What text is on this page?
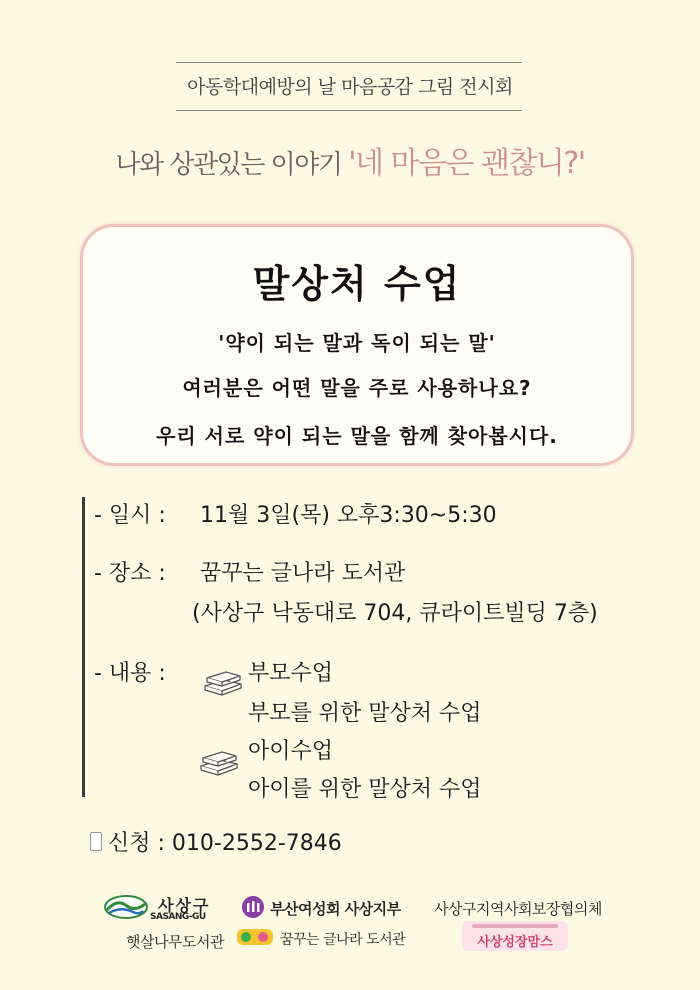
아동학대예방의 날 마음공감 그림 전시회
나와 상관있는 이야기 '네 마음은 괜찮니?'
말상처 수업
'약이 되는 말과 독이 되는 말'
여러분은 어떤 말을 주로 사용하나요?
우리 서로 약이 되는 말을 함께 찾아봅시다.
- 일시 : 11월 3일(목) 오후3:30~5:30
- 장소 : 꿈꾸는 글나라 도서관
(사상구 낙동대로 704, 큐라이트빌딩 7층)
- 내용 :	부모수업
부모를 위한 말상처 수업
아이수업
아이를 위한 말상처 수업
신청 : 010-2552-7846
사상구
SASANG-GU
햇살나무도서관
부산여성회 사상지부
꿈꾸는 글나라 도서관
사상구지역사회보장협의체
사상성장맘스
